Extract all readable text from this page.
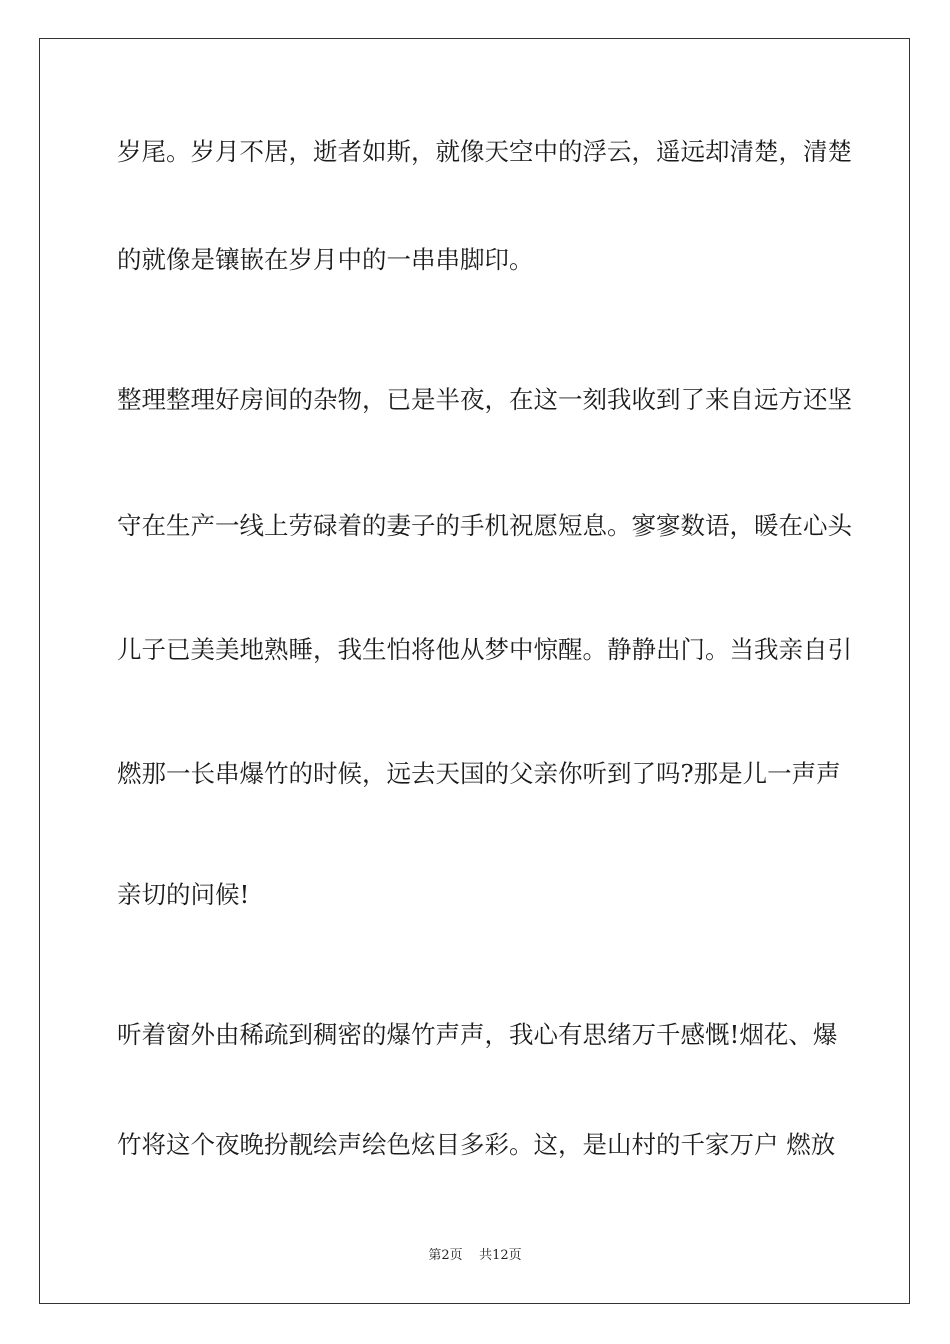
岁尾。岁月不居，逝者如斯，就像天空中的浮云，遥远却清楚，清楚
的就像是镶嵌在岁月中的一串串脚印。
整理整理好房间的杂物，已是半夜，在这一刻我收到了来自远方还坚
守在生产一线上劳碌着的妻子的手机祝愿短息。寥寥数语，暖在心头
儿子已美美地熟睡，我生怕将他从梦中惊醒。静静出门。当我亲自引
燃那一长串爆竹的时候，远去天国的父亲你听到了吗?那是儿一声声
亲切的问候!
听着窗外由稀疏到稠密的爆竹声声，我心有思绪万千感慨!烟花、爆
竹将这个夜晚扮靓绘声绘色炫目多彩。这，是山村的千家万户 燃放
第2页 共12页
